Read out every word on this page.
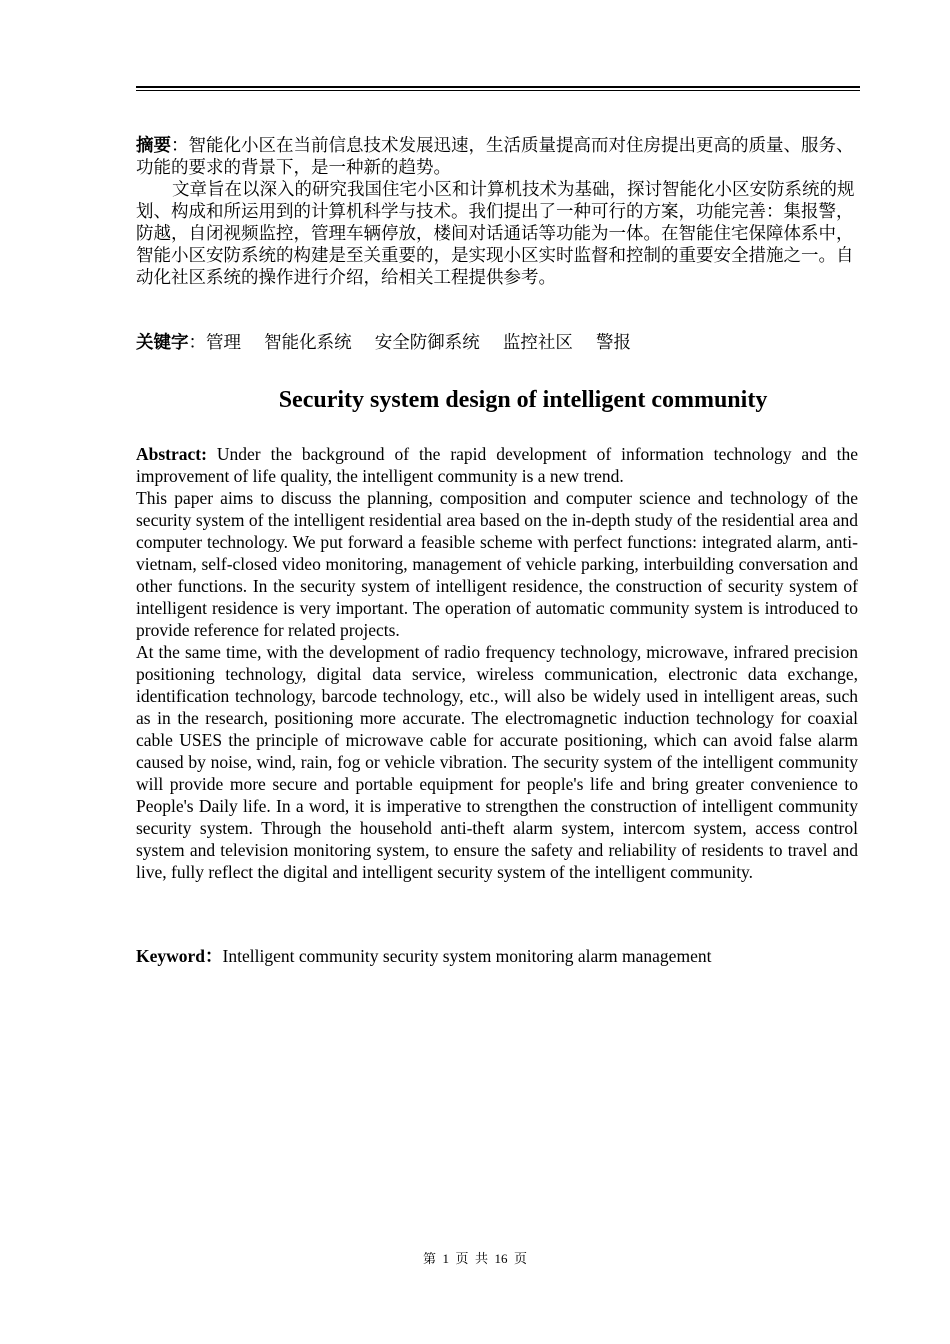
摘要：智能化小区在当前信息技术发展迅速，生活质量提高而对住房提出更高的质量、服务、功能的要求的背景下，是一种新的趋势。
文章旨在以深入的研究我国住宅小区和计算机技术为基础，探讨智能化小区安防系统的规划、构成和所运用到的计算机科学与技术。我们提出了一种可行的方案，功能完善：集报警，防越，自闭视频监控，管理车辆停放，楼间对话通话等功能为一体。在智能住宅保障体系中，智能小区安防系统的构建是至关重要的，是实现小区实时监督和控制的重要安全措施之一。自动化社区系统的操作进行介绍，给相关工程提供参考。
关键字：管理  智能化系统  安全防御系统  监控社区  警报
Security system design of intelligent community

Abstract: Under the background of the rapid development of information technology and the improvement of life quality, the intelligent community is a new trend.

This paper aims to discuss the planning, composition and computer science and technology of the security system of the intelligent residential area based on the in-depth study of the residential area and computer technology. We put forward a feasible scheme with perfect functions: integrated alarm, anti-vietnam, self-closed video monitoring, management of vehicle parking, interbuilding conversation and other functions. In the security system of intelligent residence, the construction of security system of intelligent residence is very important. The operation of automatic community system is introduced to provide reference for related projects.

At the same time, with the development of radio frequency technology, microwave, infrared precision positioning technology, digital data service, wireless communication, electronic data exchange, identification technology, barcode technology, etc., will also be widely used in intelligent areas, such as in the research, positioning more accurate. The electromagnetic induction technology for coaxial cable USES the principle of microwave cable for accurate positioning, which can avoid false alarm caused by noise, wind, rain, fog or vehicle vibration. The security system of the intelligent community will provide more secure and portable equipment for people's life and bring greater convenience to People's Daily life. In a word, it is imperative to strengthen the construction of intelligent community security system. Through the household anti-theft alarm system, intercom system, access control system and television monitoring system, to ensure the safety and reliability of residents to travel and live, fully reflect the digital and intelligent security system of the intelligent community.

Keyword：Intelligent community security system monitoring alarm management
第  1  页  共  16  页
